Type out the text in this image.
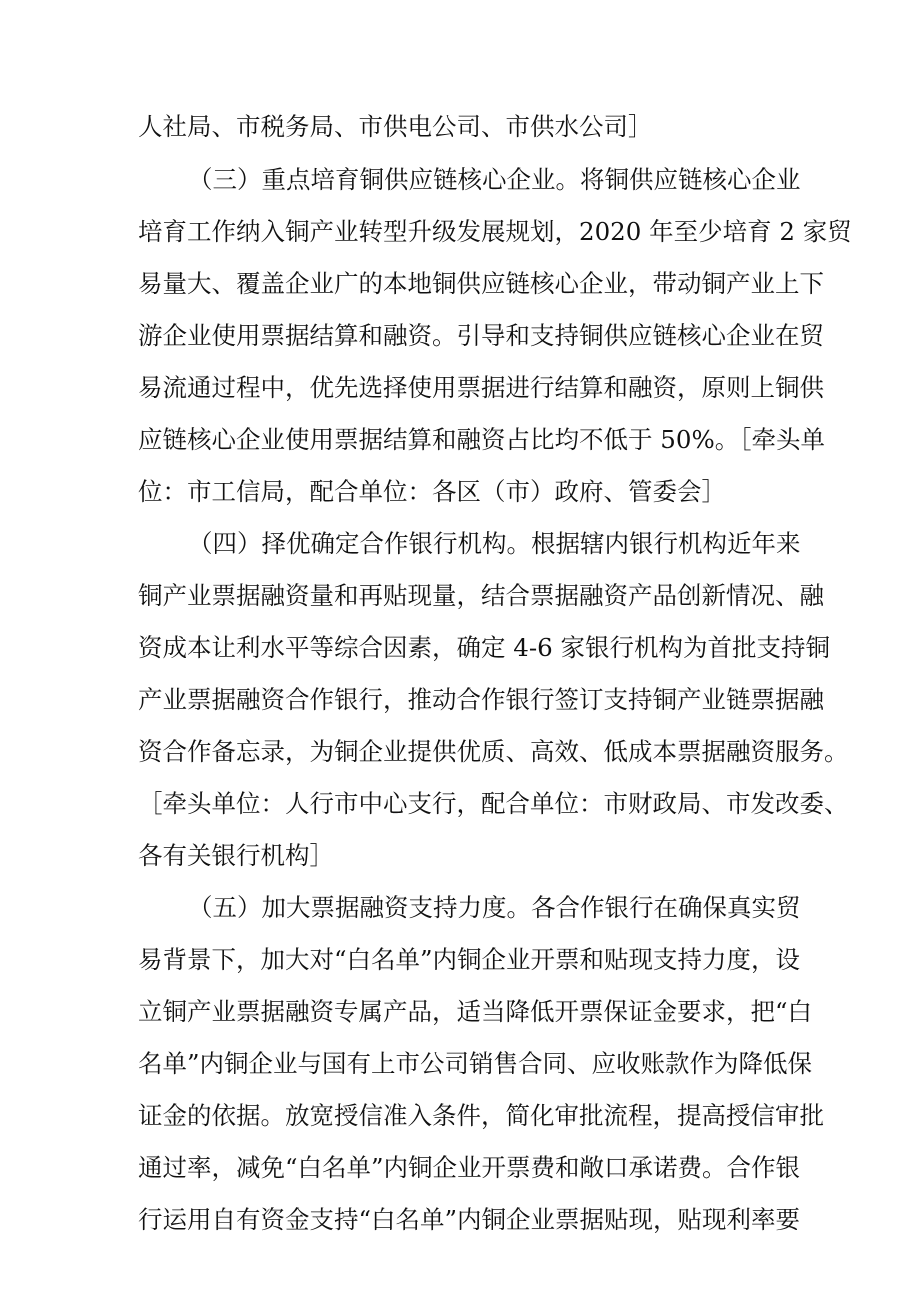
人社局、市税务局、市供电公司、市供水公司］
（三）重点培育铜供应链核心企业。将铜供应链核心企业
培育工作纳入铜产业转型升级发展规划，2020 年至少培育 2 家贸
易量大、覆盖企业广的本地铜供应链核心企业，带动铜产业上下
游企业使用票据结算和融资。引导和支持铜供应链核心企业在贸
易流通过程中，优先选择使用票据进行结算和融资，原则上铜供
应链核心企业使用票据结算和融资占比均不低于 50%。［牵头单
位：市工信局，配合单位：各区（市）政府、管委会］
（四）择优确定合作银行机构。根据辖内银行机构近年来
铜产业票据融资量和再贴现量，结合票据融资产品创新情况、融
资成本让利水平等综合因素，确定 4-6 家银行机构为首批支持铜
产业票据融资合作银行，推动合作银行签订支持铜产业链票据融
资合作备忘录，为铜企业提供优质、高效、低成本票据融资服务。
［牵头单位：人行市中心支行，配合单位：市财政局、市发改委、
各有关银行机构］
（五）加大票据融资支持力度。各合作银行在确保真实贸
易背景下，加大对“白名单”内铜企业开票和贴现支持力度，设
立铜产业票据融资专属产品，适当降低开票保证金要求，把“白
名单”内铜企业与国有上市公司销售合同、应收账款作为降低保
证金的依据。放宽授信准入条件，简化审批流程，提高授信审批
通过率，减免“白名单”内铜企业开票费和敞口承诺费。合作银
行运用自有资金支持“白名单”内铜企业票据贴现，贴现利率要
